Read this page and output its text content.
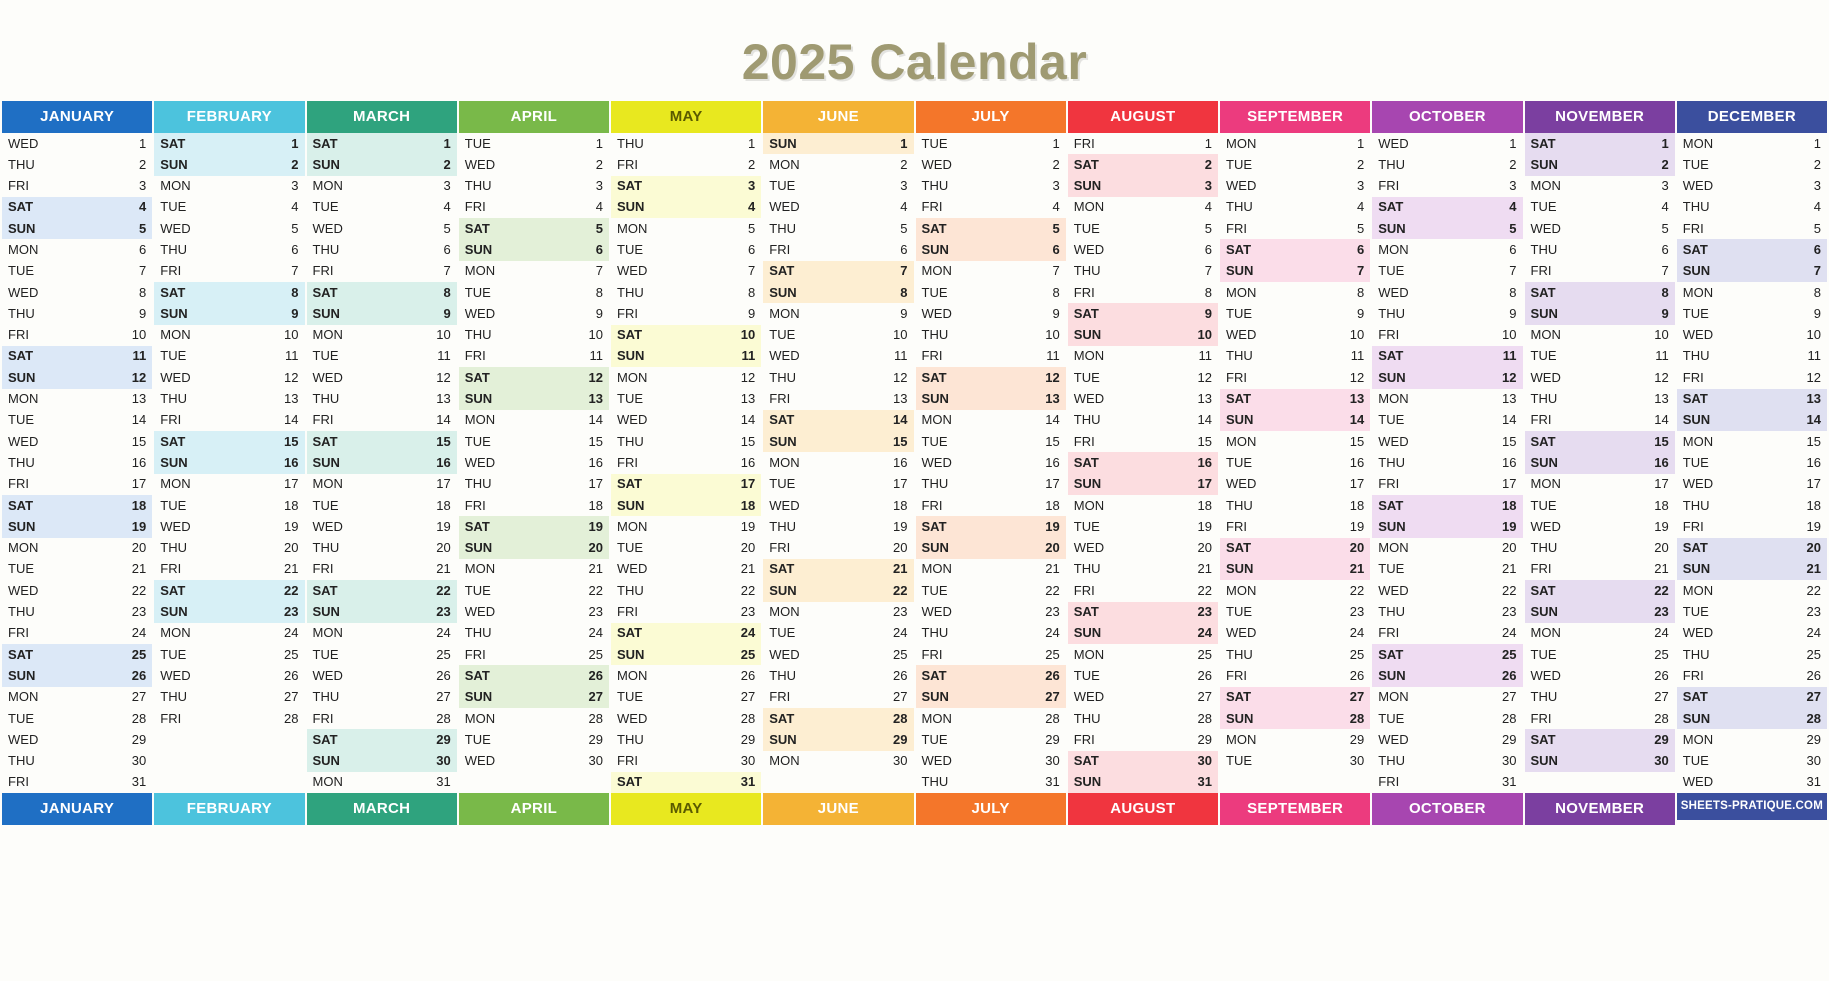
2025 Calendar
JANUARY
WED	1
THU	2
FRI	3
SAT	4
SUN	5
MON	6
TUE	7
WED	8
THU	9
FRI	10
SAT	11
SUN	12
MON	13
TUE	14
WED	15
THU	16
FRI	17
SAT	18
SUN	19
MON	20
TUE	21
WED	22
THU	23
FRI	24
SAT	25
SUN	26
MON	27
TUE	28
WED	29
THU	30
FRI	31
JANUARY
FEBRUARY
SAT	1
SUN	2
MON	3
TUE	4
WED	5
THU	6
FRI	7
SAT	8
SUN	9
MON	10
TUE	11
WED	12
THU	13
FRI	14
SAT	15
SUN	16
MON	17
TUE	18
WED	19
THU	20
FRI	21
SAT	22
SUN	23
MON	24
TUE	25
WED	26
THU	27
FRI	28
FEBRUARY
MARCH
SAT	1
SUN	2
MON	3
TUE	4
WED	5
THU	6
FRI	7
SAT	8
SUN	9
MON	10
TUE	11
WED	12
THU	13
FRI	14
SAT	15
SUN	16
MON	17
TUE	18
WED	19
THU	20
FRI	21
SAT	22
SUN	23
MON	24
TUE	25
WED	26
THU	27
FRI	28
SAT	29
SUN	30
MON	31
MARCH
APRIL
TUE	1
WED	2
THU	3
FRI	4
SAT	5
SUN	6
MON	7
TUE	8
WED	9
THU	10
FRI	11
SAT	12
SUN	13
MON	14
TUE	15
WED	16
THU	17
FRI	18
SAT	19
SUN	20
MON	21
TUE	22
WED	23
THU	24
FRI	25
SAT	26
SUN	27
MON	28
TUE	29
WED	30
APRIL
MAY
THU	1
FRI	2
SAT	3
SUN	4
MON	5
TUE	6
WED	7
THU	8
FRI	9
SAT	10
SUN	11
MON	12
TUE	13
WED	14
THU	15
FRI	16
SAT	17
SUN	18
MON	19
TUE	20
WED	21
THU	22
FRI	23
SAT	24
SUN	25
MON	26
TUE	27
WED	28
THU	29
FRI	30
SAT	31
MAY
JUNE
SUN	1
MON	2
TUE	3
WED	4
THU	5
FRI	6
SAT	7
SUN	8
MON	9
TUE	10
WED	11
THU	12
FRI	13
SAT	14
SUN	15
MON	16
TUE	17
WED	18
THU	19
FRI	20
SAT	21
SUN	22
MON	23
TUE	24
WED	25
THU	26
FRI	27
SAT	28
SUN	29
MON	30
JUNE
JULY
TUE	1
WED	2
THU	3
FRI	4
SAT	5
SUN	6
MON	7
TUE	8
WED	9
THU	10
FRI	11
SAT	12
SUN	13
MON	14
TUE	15
WED	16
THU	17
FRI	18
SAT	19
SUN	20
MON	21
TUE	22
WED	23
THU	24
FRI	25
SAT	26
SUN	27
MON	28
TUE	29
WED	30
THU	31
JULY
AUGUST
FRI	1
SAT	2
SUN	3
MON	4
TUE	5
WED	6
THU	7
FRI	8
SAT	9
SUN	10
MON	11
TUE	12
WED	13
THU	14
FRI	15
SAT	16
SUN	17
MON	18
TUE	19
WED	20
THU	21
FRI	22
SAT	23
SUN	24
MON	25
TUE	26
WED	27
THU	28
FRI	29
SAT	30
SUN	31
AUGUST
SEPTEMBER
MON	1
TUE	2
WED	3
THU	4
FRI	5
SAT	6
SUN	7
MON	8
TUE	9
WED	10
THU	11
FRI	12
SAT	13
SUN	14
MON	15
TUE	16
WED	17
THU	18
FRI	19
SAT	20
SUN	21
MON	22
TUE	23
WED	24
THU	25
FRI	26
SAT	27
SUN	28
MON	29
TUE	30
SEPTEMBER
OCTOBER
WED	1
THU	2
FRI	3
SAT	4
SUN	5
MON	6
TUE	7
WED	8
THU	9
FRI	10
SAT	11
SUN	12
MON	13
TUE	14
WED	15
THU	16
FRI	17
SAT	18
SUN	19
MON	20
TUE	21
WED	22
THU	23
FRI	24
SAT	25
SUN	26
MON	27
TUE	28
WED	29
THU	30
FRI	31
OCTOBER
NOVEMBER
SAT	1
SUN	2
MON	3
TUE	4
WED	5
THU	6
FRI	7
SAT	8
SUN	9
MON	10
TUE	11
WED	12
THU	13
FRI	14
SAT	15
SUN	16
MON	17
TUE	18
WED	19
THU	20
FRI	21
SAT	22
SUN	23
MON	24
TUE	25
WED	26
THU	27
FRI	28
SAT	29
SUN	30
NOVEMBER
DECEMBER
MON	1
TUE	2
WED	3
THU	4
FRI	5
SAT	6
SUN	7
MON	8
TUE	9
WED	10
THU	11
FRI	12
SAT	13
SUN	14
MON	15
TUE	16
WED	17
THU	18
FRI	19
SAT	20
SUN	21
MON	22
TUE	23
WED	24
THU	25
FRI	26
SAT	27
SUN	28
MON	29
TUE	30
WED	31
SHEETS-PRATIQUE.COM
